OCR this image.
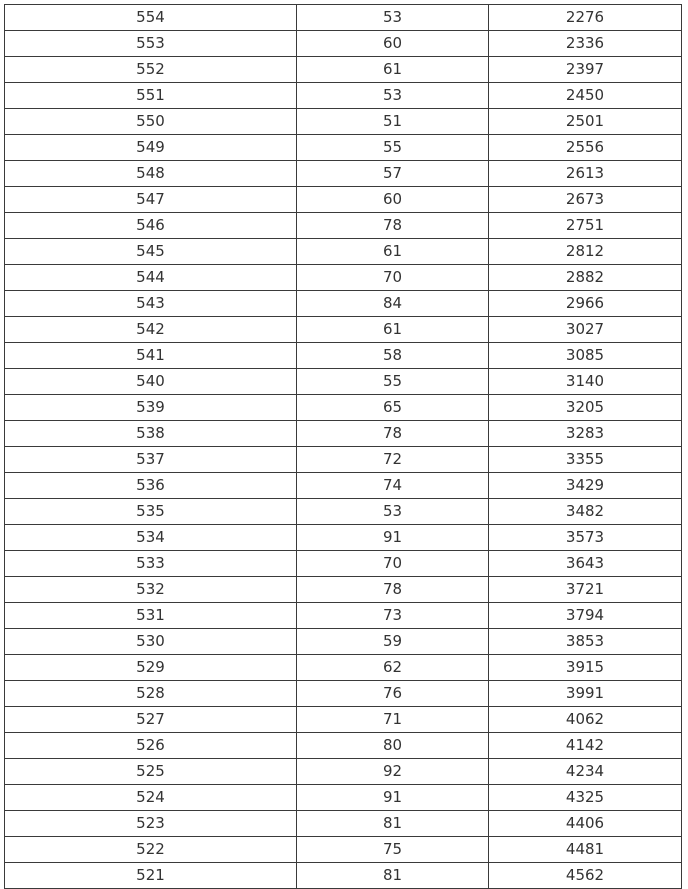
554	53	2276
553	60	2336
552	61	2397
551	53	2450
550	51	2501
549	55	2556
548	57	2613
547	60	2673
546	78	2751
545	61	2812
544	70	2882
543	84	2966
542	61	3027
541	58	3085
540	55	3140
539	65	3205
538	78	3283
537	72	3355
536	74	3429
535	53	3482
534	91	3573
533	70	3643
532	78	3721
531	73	3794
530	59	3853
529	62	3915
528	76	3991
527	71	4062
526	80	4142
525	92	4234
524	91	4325
523	81	4406
522	75	4481
521	81	4562
